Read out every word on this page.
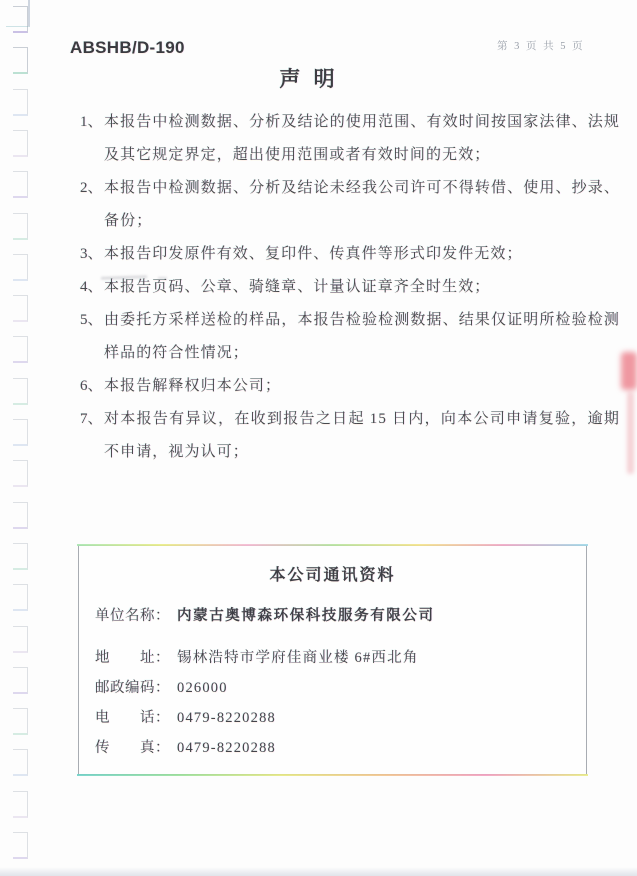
ABSHB/D-190	第 3 页 共 5 页
声 明
1、 本报告中检测数据、分析及结论的使用范围、有效时间按国家法律、法规及其它规定界定，超出使用范围或者有效时间的无效；
2、 本报告中检测数据、分析及结论未经我公司许可不得转借、使用、抄录、备份；
3、 本报告印发原件有效、复印件、传真件等形式印发件无效；
4、 本报告页码、公章、骑缝章、计量认证章齐全时生效；
5、 由委托方采样送检的样品，本报告检验检测数据、结果仅证明所检验检测样品的符合性情况；
6、 本报告解释权归本公司；
7、 对本报告有异议，在收到报告之日起 15 日内，向本公司申请复验，逾期不申请，视为认可；
本公司通讯资料
单位名称： 内蒙古奥博森环保科技服务有限公司
地　　址： 锡林浩特市学府佳商业楼 6#西北角
邮政编码： 026000
电　　话： 0479-8220288
传　　真： 0479-8220288
